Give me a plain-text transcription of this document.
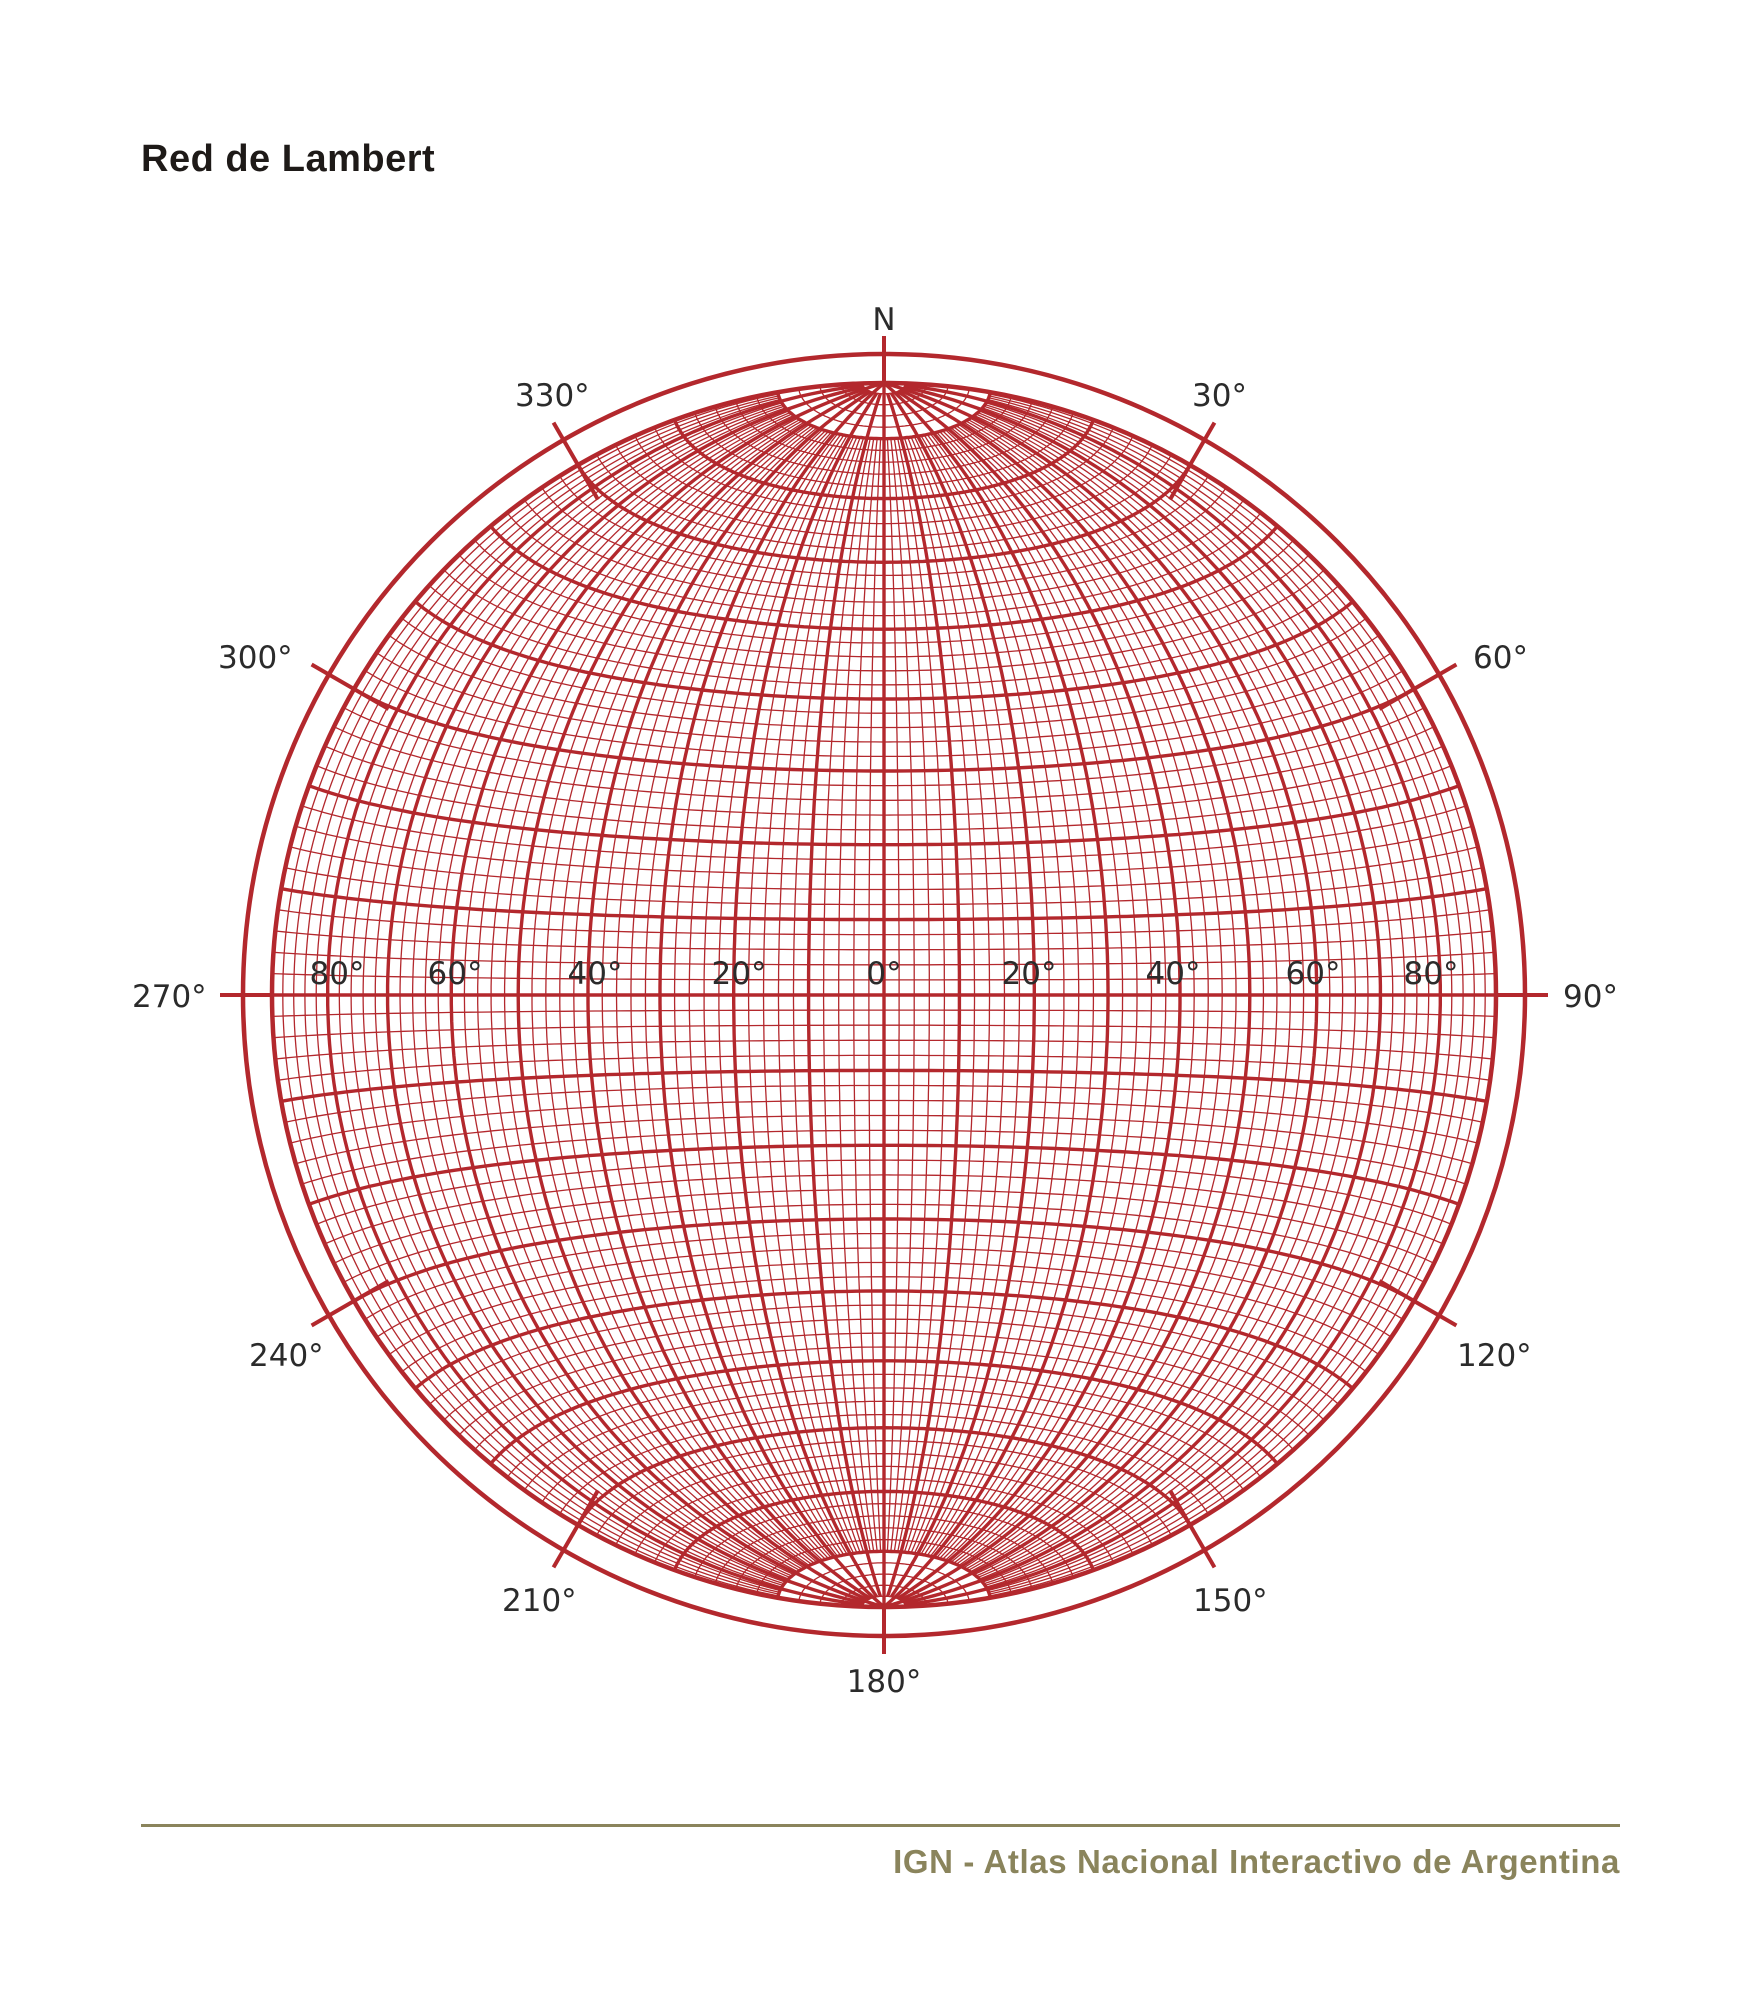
Red de Lambert
N
30°
60°
90°
120°
150°
180°
210°
240°
270°
300°
330°
80° 60°	40°	20°	0°	20°	40°	60° 80°
IGN - Atlas Nacional Interactivo de Argentina
